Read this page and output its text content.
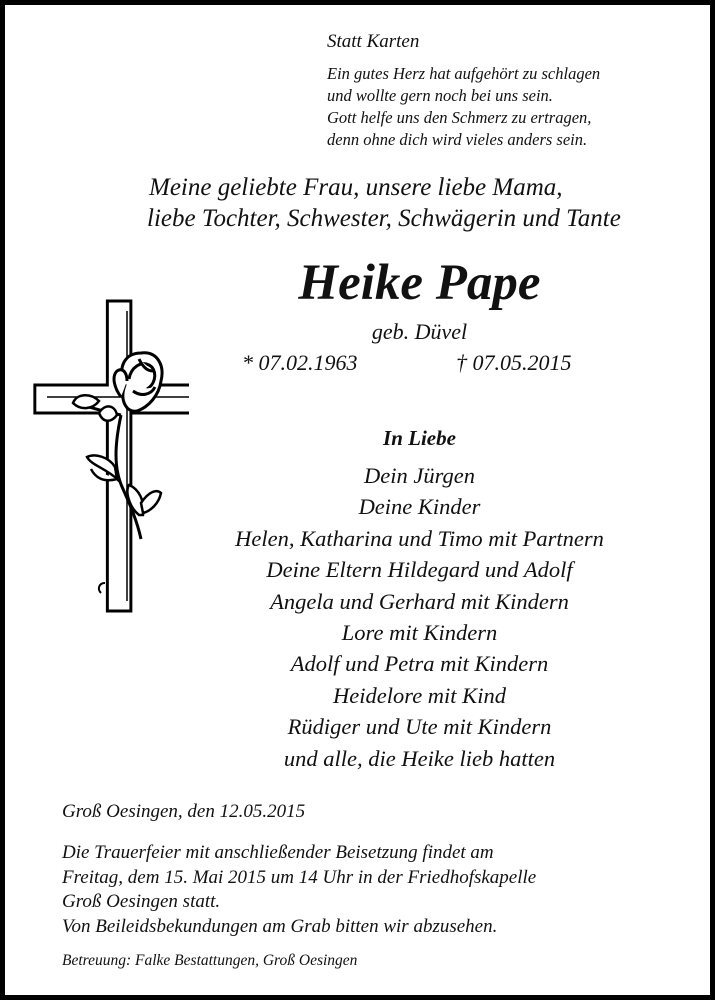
Statt Karten

Ein gutes Herz hat aufgehört zu schlagen
und wollte gern noch bei uns sein.
Gott helfe uns den Schmerz zu ertragen,
denn ohne dich wird vieles anders sein.
Meine geliebte Frau, unsere liebe Mama,
liebe Tochter, Schwester, Schwägerin und Tante

Heike Pape

geb. Düvel

* 07.02.1963	† 07.05.2015

In Liebe

Dein Jürgen
Deine Kinder
Helen, Katharina und Timo mit Partnern
Deine Eltern Hildegard und Adolf
Angela und Gerhard mit Kindern
Lore mit Kindern
Adolf und Petra mit Kindern
Heidelore mit Kind
Rüdiger und Ute mit Kindern
und alle, die Heike lieb hatten

Groß Oesingen, den 12.05.2015

Die Trauerfeier mit anschließender Beisetzung findet am
Freitag, dem 15. Mai 2015 um 14 Uhr in der Friedhofskapelle
Groß Oesingen statt.
Von Beileidsbekundungen am Grab bitten wir abzusehen.

Betreuung: Falke Bestattungen, Groß Oesingen
